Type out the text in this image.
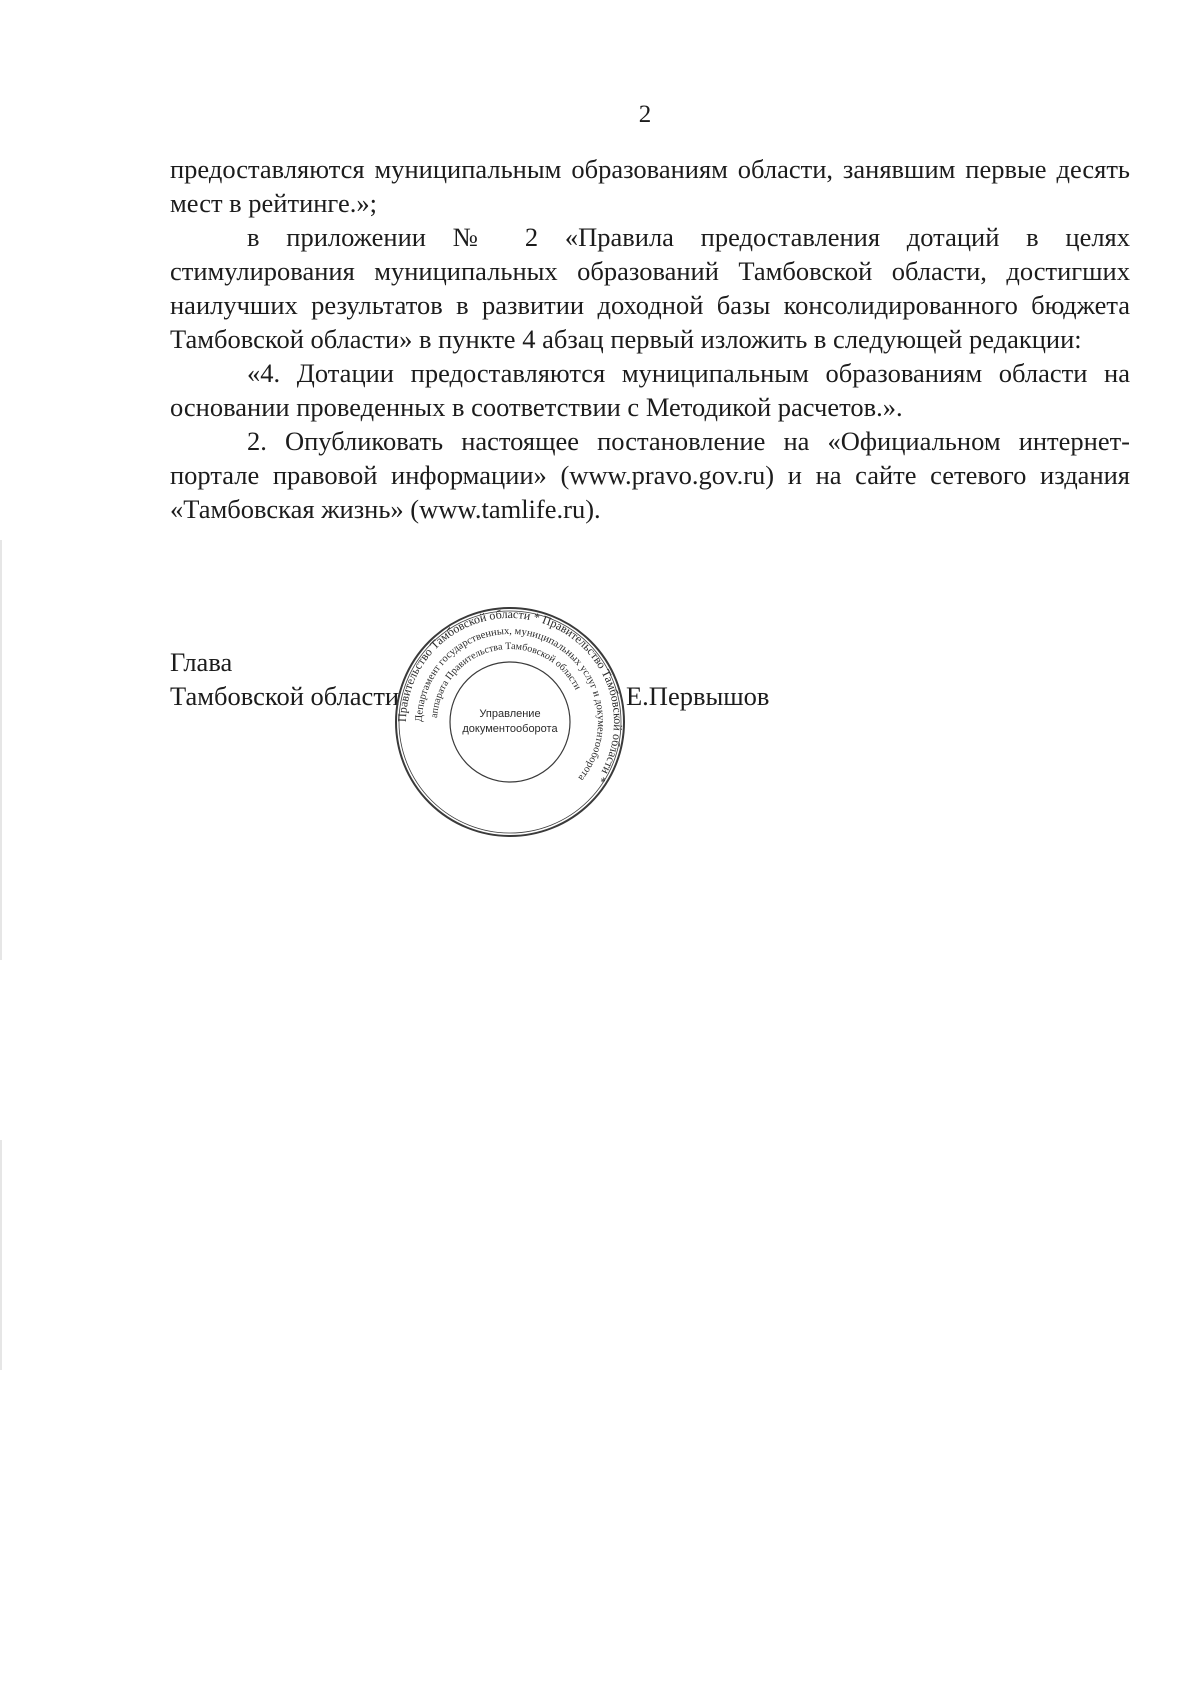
2

предоставляются муниципальным образованиям области, занявшим первые десять мест в рейтинге.»;

в приложении № 2 «Правила предоставления дотаций в целях стимулирования муниципальных образований Тамбовской области, достигших наилучших результатов в развитии доходной базы консолидированного бюджета Тамбовской области» в пункте 4 абзац первый изложить в следующей редакции:

«4. Дотации предоставляются муниципальным образованиям области на основании проведенных в соответствии с Методикой расчетов.».

2. Опубликовать настоящее постановление на «Официальном интернет-портале правовой информации» (www.pravo.gov.ru) и на сайте сетевого издания «Тамбовская жизнь» (www.tamlife.ru).

Глава
Тамбовской области	Е.Первышов
Правительство Тамбовской области * Правительство Тамбовской области *
Департамент государственных, муниципальных услуг и документооборота
аппарата Правительства Тамбовской области
Управление
документооборота
